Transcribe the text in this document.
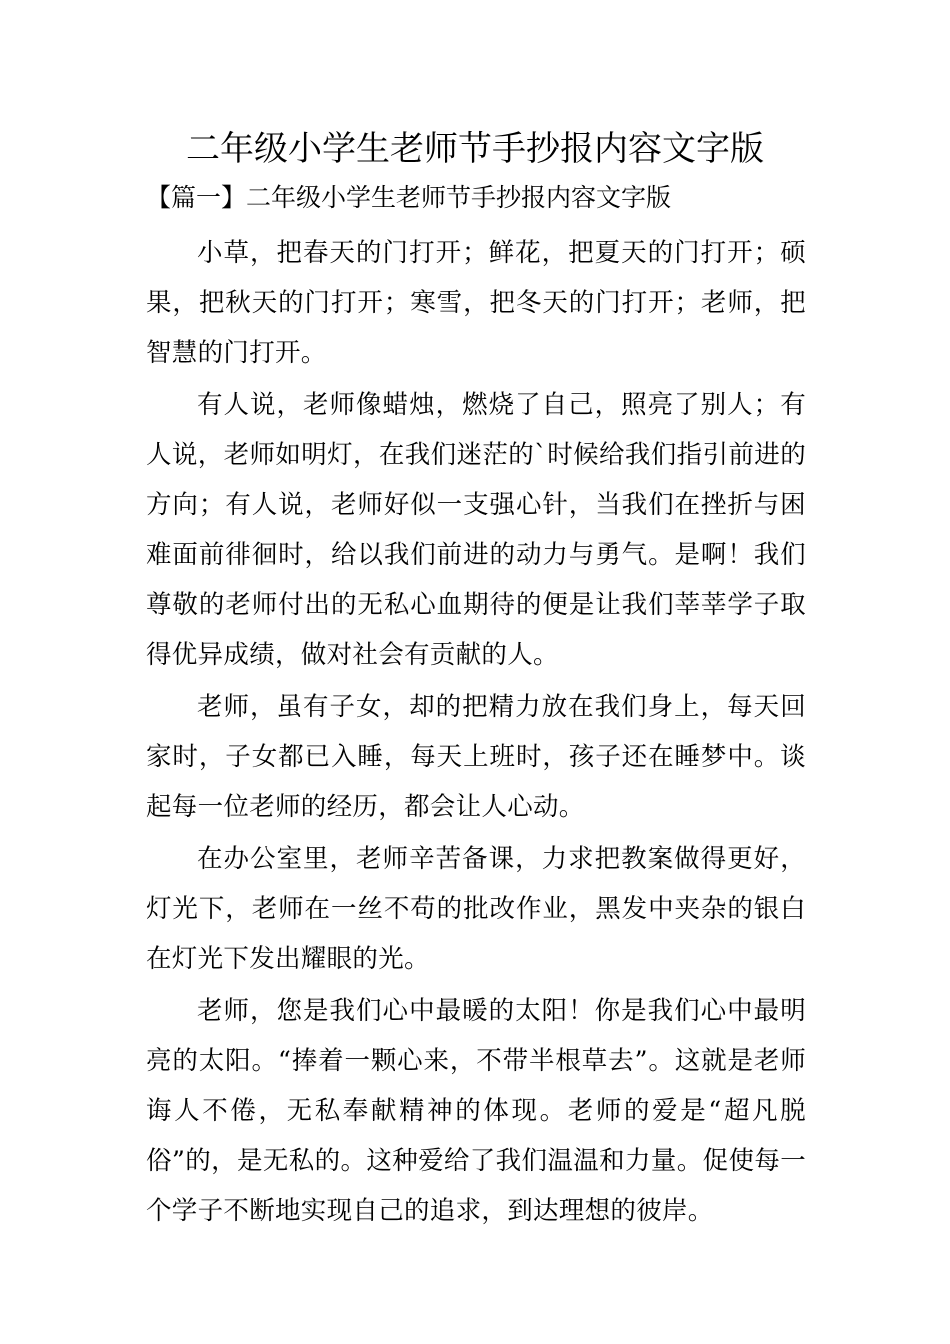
二年级小学生老师节手抄报内容文字版

【篇一】二年级小学生老师节手抄报内容文字版

小草，把春天的门打开；鲜花，把夏天的门打开；硕果，把秋天的门打开；寒雪，把冬天的门打开；老师，把智慧的门打开。

有人说，老师像蜡烛，燃烧了自己，照亮了别人；有人说，老师如明灯，在我们迷茫的`时候给我们指引前进的方向；有人说，老师好似一支强心针，当我们在挫折与困难面前徘徊时，给以我们前进的动力与勇气。是啊！我们尊敬的老师付出的无私心血期待的便是让我们莘莘学子取得优异成绩，做对社会有贡献的人。

老师，虽有子女，却的把精力放在我们身上，每天回家时，子女都已入睡，每天上班时，孩子还在睡梦中。谈起每一位老师的经历，都会让人心动。

在办公室里，老师辛苦备课，力求把教案做得更好，灯光下，老师在一丝不苟的批改作业，黑发中夹杂的银白在灯光下发出耀眼的光。

老师，您是我们心中最暖的太阳！你是我们心中最明亮的太阳。“捧着一颗心来，不带半根草去”。这就是老师诲人不倦，无私奉献精神的体现。老师的爱是“超凡脱俗”的，是无私的。这种爱给了我们温温和力量。促使每一个学子不断地实现自己的追求，到达理想的彼岸。
